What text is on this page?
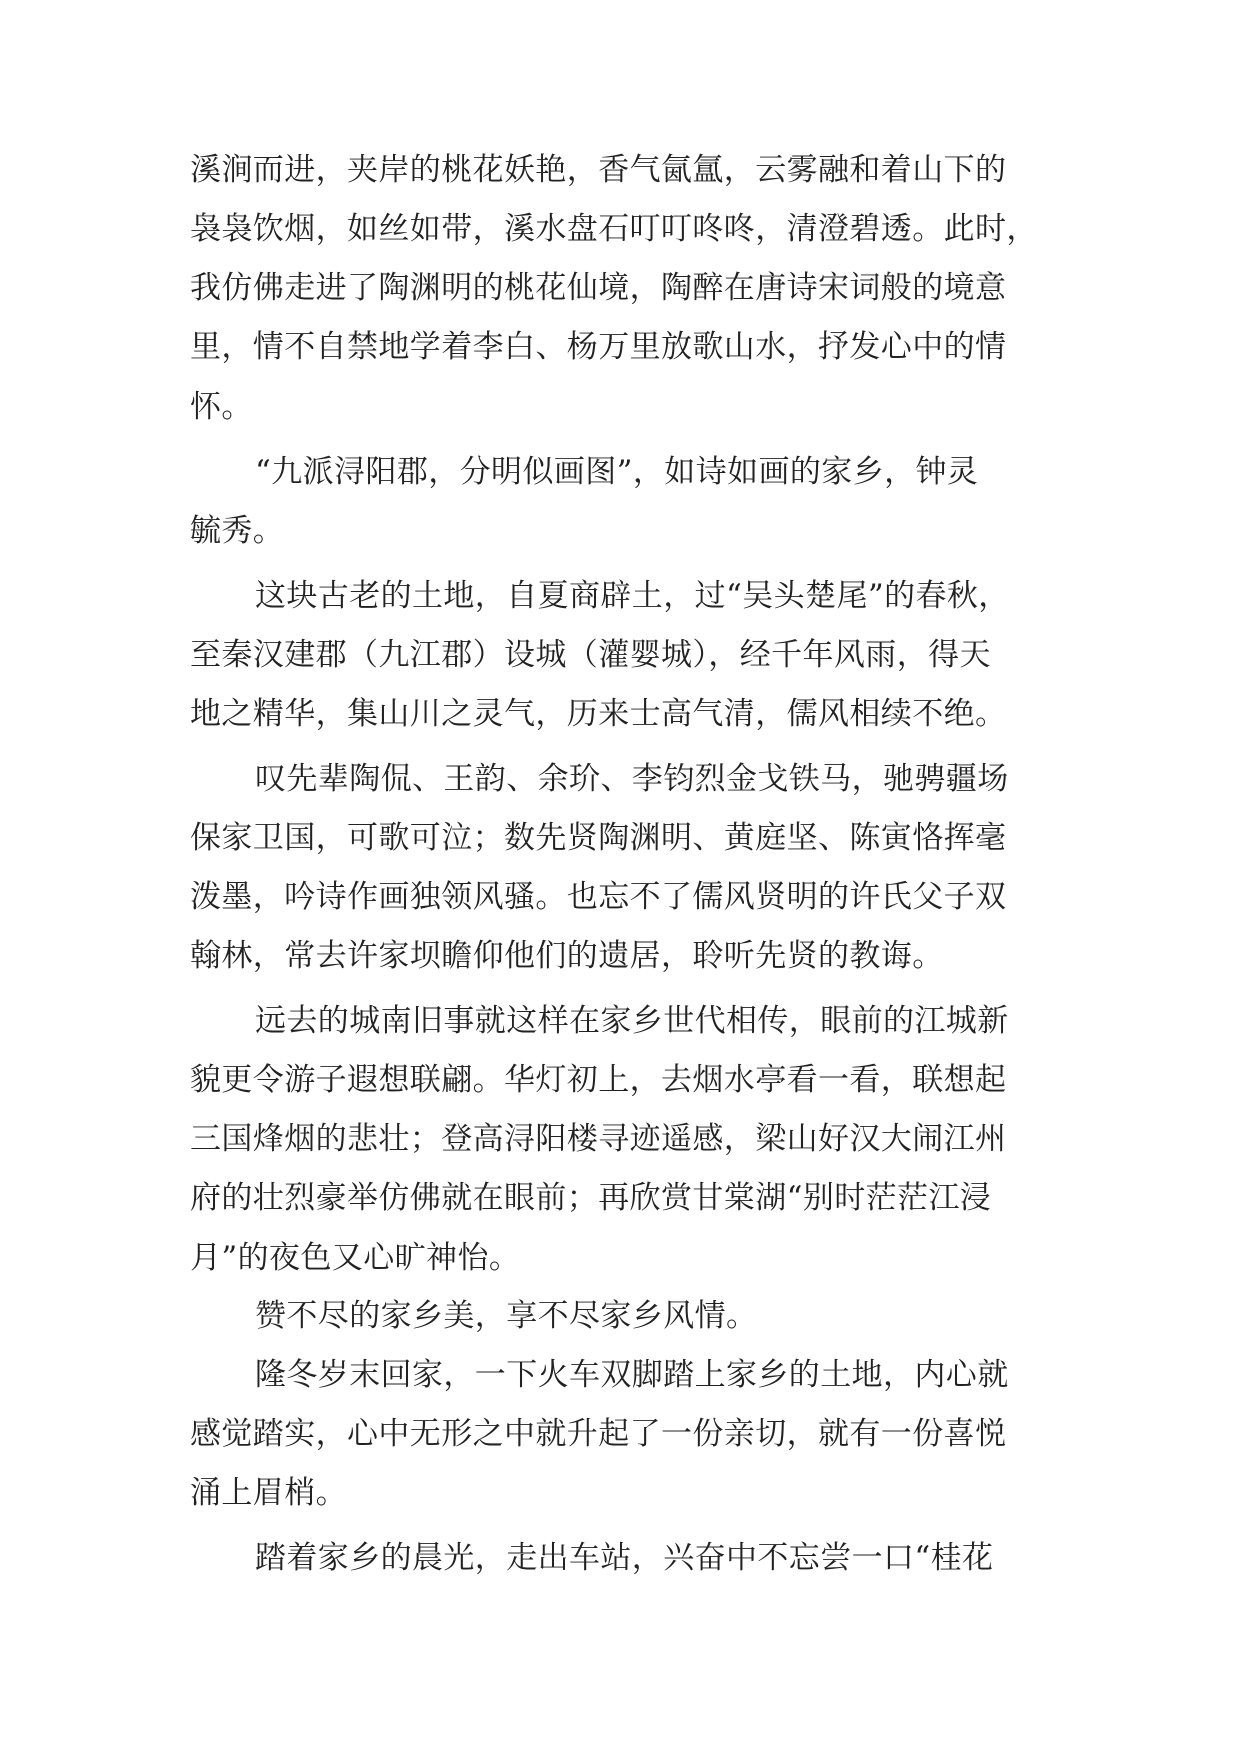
溪涧而进，夹岸的桃花妖艳，香气氤氲，云雾融和着山下的

袅袅饮烟，如丝如带，溪水盘石叮叮咚咚，清澄碧透。此时，

我仿佛走进了陶渊明的桃花仙境，陶醉在唐诗宋词般的境意

里，情不自禁地学着李白、杨万里放歌山水，抒发心中的情

怀。

“九派浔阳郡，分明似画图”，如诗如画的家乡，钟灵

毓秀。

这块古老的土地，自夏商辟土，过“吴头楚尾”的春秋，

至秦汉建郡（九江郡）设城（灌婴城），经千年风雨，得天

地之精华，集山川之灵气，历来士高气清，儒风相续不绝。

叹先辈陶侃、王韵、余玠、李钧烈金戈铁马，驰骋疆场

保家卫国，可歌可泣；数先贤陶渊明、黄庭坚、陈寅恪挥毫

泼墨，吟诗作画独领风骚。也忘不了儒风贤明的许氏父子双

翰林，常去许家坝瞻仰他们的遗居，聆听先贤的教诲。

远去的城南旧事就这样在家乡世代相传，眼前的江城新

貌更令游子遐想联翩。华灯初上，去烟水亭看一看，联想起

三国烽烟的悲壮；登高浔阳楼寻迹遥感，梁山好汉大闹江州

府的壮烈豪举仿佛就在眼前；再欣赏甘棠湖“别时茫茫江浸

月”的夜色又心旷神怡。

赞不尽的家乡美，享不尽家乡风情。

隆冬岁末回家，一下火车双脚踏上家乡的土地，内心就

感觉踏实，心中无形之中就升起了一份亲切，就有一份喜悦

涌上眉梢。

踏着家乡的晨光，走出车站，兴奋中不忘尝一口“桂花
